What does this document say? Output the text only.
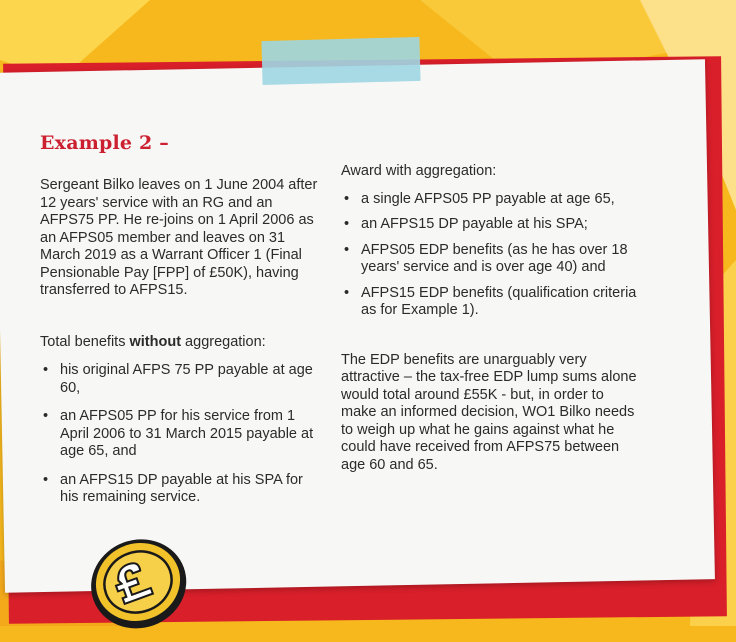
Example 2 –

Sergeant Bilko leaves on 1 June 2004 after 12 years' service with an RG and an AFPS75 PP. He re-joins on 1 April 2006 as an AFPS05 member and leaves on 31 March 2019 as a Warrant Officer 1 (Final Pensionable Pay [FPP] of £50K), having transferred to AFPS15.

Total benefits without aggregation:

• his original AFPS 75 PP payable at age 60,
• an AFPS05 PP for his service from 1 April 2006 to 31 March 2015 payable at age 65, and
• an AFPS15 DP payable at his SPA for his remaining service.

Award with aggregation:

• a single AFPS05 PP payable at age 65,
• an AFPS15 DP payable at his SPA;
• AFPS05 EDP benefits (as he has over 18 years' service and is over age 40) and
• AFPS15 EDP benefits (qualification criteria as for Example 1).

The EDP benefits are unarguably very attractive – the tax-free EDP lump sums alone would total around £55K - but, in order to make an informed decision, WO1 Bilko needs to weigh up what he gains against what he could have received from AFPS75 between age 60 and 65.
